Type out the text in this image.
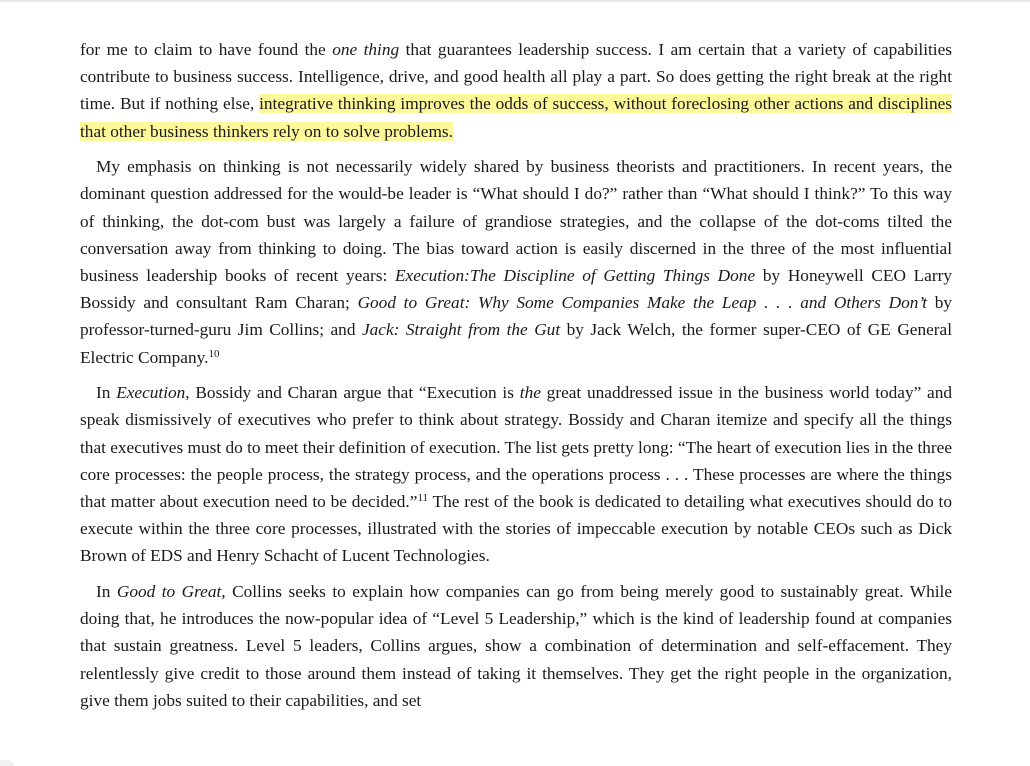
for me to claim to have found the one thing that guarantees leadership success. I am certain that a variety of capabilities contribute to business success. Intelligence, drive, and good health all play a part. So does getting the right break at the right time. But if nothing else, integrative thinking improves the odds of success, without foreclosing other actions and disciplines that other business thinkers rely on to solve problems.

My emphasis on thinking is not necessarily widely shared by business theorists and practitioners. In recent years, the dominant question addressed for the would-be leader is “What should I do?” rather than “What should I think?” To this way of thinking, the dot-com bust was largely a failure of grandiose strategies, and the collapse of the dot-coms tilted the conversation away from thinking to doing. The bias toward action is easily discerned in the three of the most influential business leadership books of recent years: Execution:The Discipline of Getting Things Done by Honeywell CEO Larry Bossidy and consultant Ram Charan; Good to Great: Why Some Companies Make the Leap . . . and Others Don’t by professor-turned-guru Jim Collins; and Jack: Straight from the Gut by Jack Welch, the former super-CEO of GE General Electric Company.$^{10}$

In Execution, Bossidy and Charan argue that “Execution is the great unaddressed issue in the business world today” and speak dismissively of executives who prefer to think about strategy. Bossidy and Charan itemize and specify all the things that executives must do to meet their definition of execution. The list gets pretty long: “The heart of execution lies in the three core processes: the people process, the strategy process, and the operations process . . . These processes are where the things that matter about execution need to be decided.”$^{11}$ The rest of the book is dedicated to detailing what executives should do to execute within the three core processes, illustrated with the stories of impeccable execution by notable CEOs such as Dick Brown of EDS and Henry Schacht of Lucent Technologies.

In Good to Great, Collins seeks to explain how companies can go from being merely good to sustainably great. While doing that, he introduces the now-popular idea of “Level 5 Leadership,” which is the kind of leadership found at companies that sustain greatness. Level 5 leaders, Collins argues, show a combination of determination and self-effacement. They relentlessly give credit to those around them instead of taking it themselves. They get the right people in the organization, give them jobs suited to their capabilities, and set
